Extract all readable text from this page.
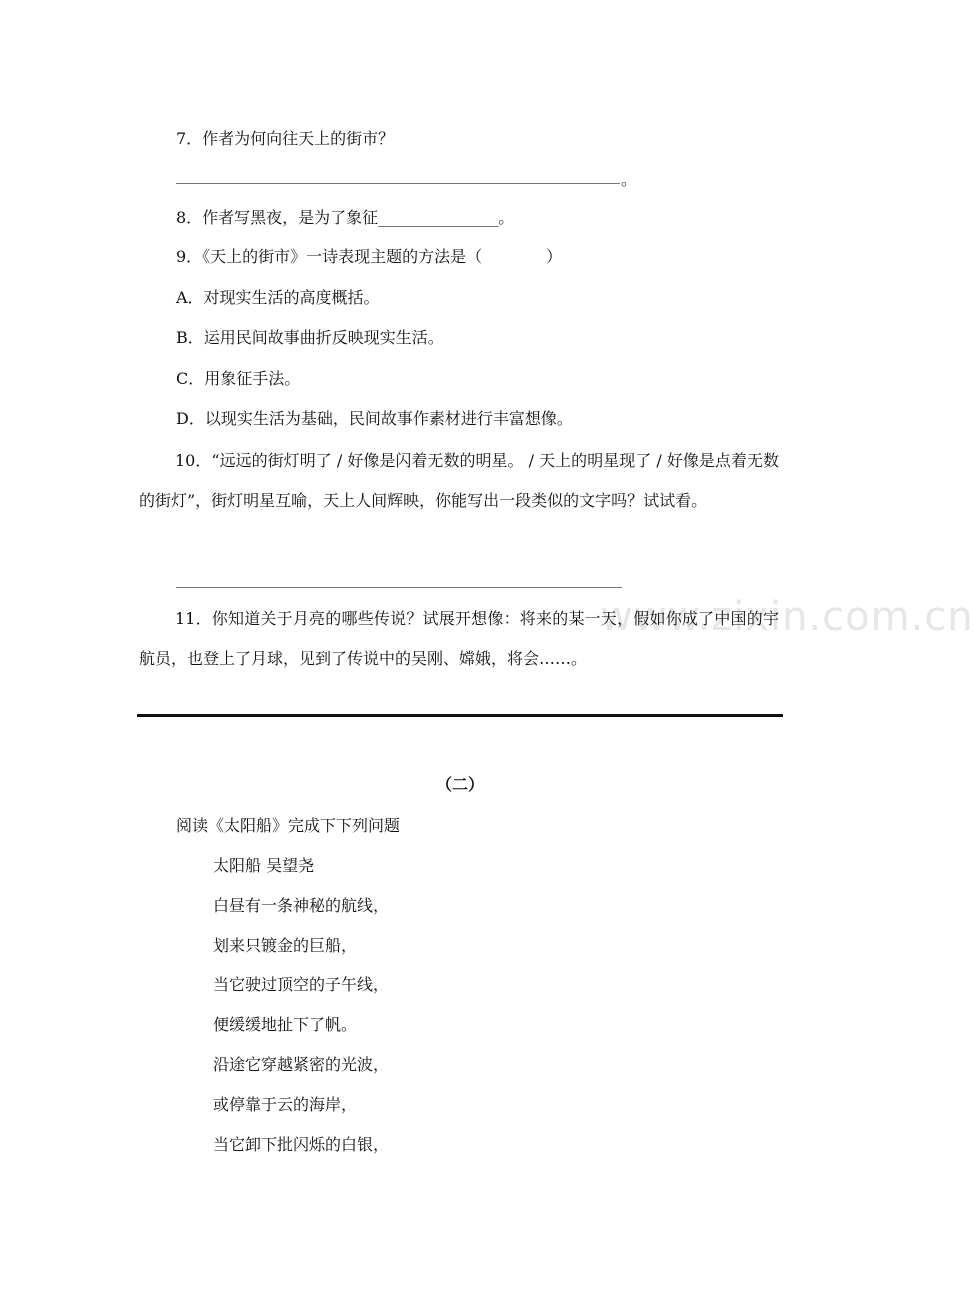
www.zixin.com.cn
7．作者为何向往天上的街市？
。
8．作者写黑夜，是为了象征_______________。
9．《天上的街市》一诗表现主题的方法是（　　　　）
A．对现实生活的高度概括。
B．运用民间故事曲折反映现实生活。
C．用象征手法。
D．以现实生活为基础，民间故事作素材进行丰富想像。
10．“远远的街灯明了 / 好像是闪着无数的明星。 / 天上的明星现了 / 好像是点着无数的街灯”，街灯明星互喻，天上人间辉映，你能写出一段类似的文字吗？试试看。
11．你知道关于月亮的哪些传说？试展开想像：将来的某一天，假如你成了中国的宇航员，也登上了月球，见到了传说中的吴刚、嫦娥，将会……。
（二）
阅读《太阳船》完成下下列问题
太阳船 吴望尧
白昼有一条神秘的航线，
划来只镀金的巨船，
当它驶过顶空的子午线，
便缓缓地扯下了帆。
沿途它穿越紧密的光波，
或停靠于云的海岸，
当它卸下批闪烁的白银，
